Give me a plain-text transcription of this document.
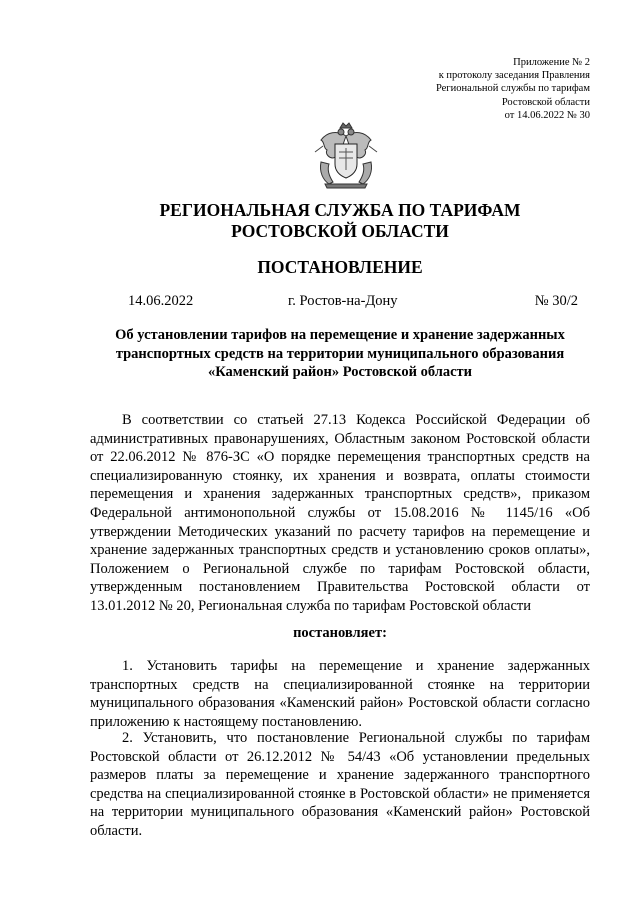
Приложение № 2
к протоколу заседания Правления
Региональной службы по тарифам
Ростовской области
от 14.06.2022 № 30
РЕГИОНАЛЬНАЯ СЛУЖБА ПО ТАРИФАМ
РОСТОВСКОЙ ОБЛАСТИ
ПОСТАНОВЛЕНИЕ
14.06.2022	г. Ростов-на-Дону	№ 30/2
Об установлении тарифов на перемещение и хранение задержанных
транспортных средств на территории муниципального образования
«Каменский район» Ростовской области

В соответствии со статьей 27.13 Кодекса Российской Федерации об административных правонарушениях, Областным законом Ростовской области от 22.06.2012 № 876-ЗС «О порядке перемещения транспортных средств на специализированную стоянку, их хранения и возврата, оплаты стоимости перемещения и хранения задержанных транспортных средств», приказом Федеральной антимонопольной службы от 15.08.2016 № 1145/16 «Об утверждении Методических указаний по расчету тарифов на перемещение и хранение задержанных транспортных средств и установлению сроков оплаты», Положением о Региональной службе по тарифам Ростовской области, утвержденным постановлением Правительства Ростовской области от 13.01.2012 № 20, Региональная служба по тарифам Ростовской области

постановляет:

1. Установить тарифы на перемещение и хранение задержанных транспортных средств на специализированной стоянке на территории муниципального образования «Каменский район» Ростовской области согласно приложению к настоящему постановлению.

2. Установить, что постановление Региональной службы по тарифам Ростовской области от 26.12.2012 № 54/43 «Об установлении предельных размеров платы за перемещение и хранение задержанного транспортного средства на специализированной стоянке в Ростовской области» не применяется на территории муниципального образования «Каменский район» Ростовской области.
